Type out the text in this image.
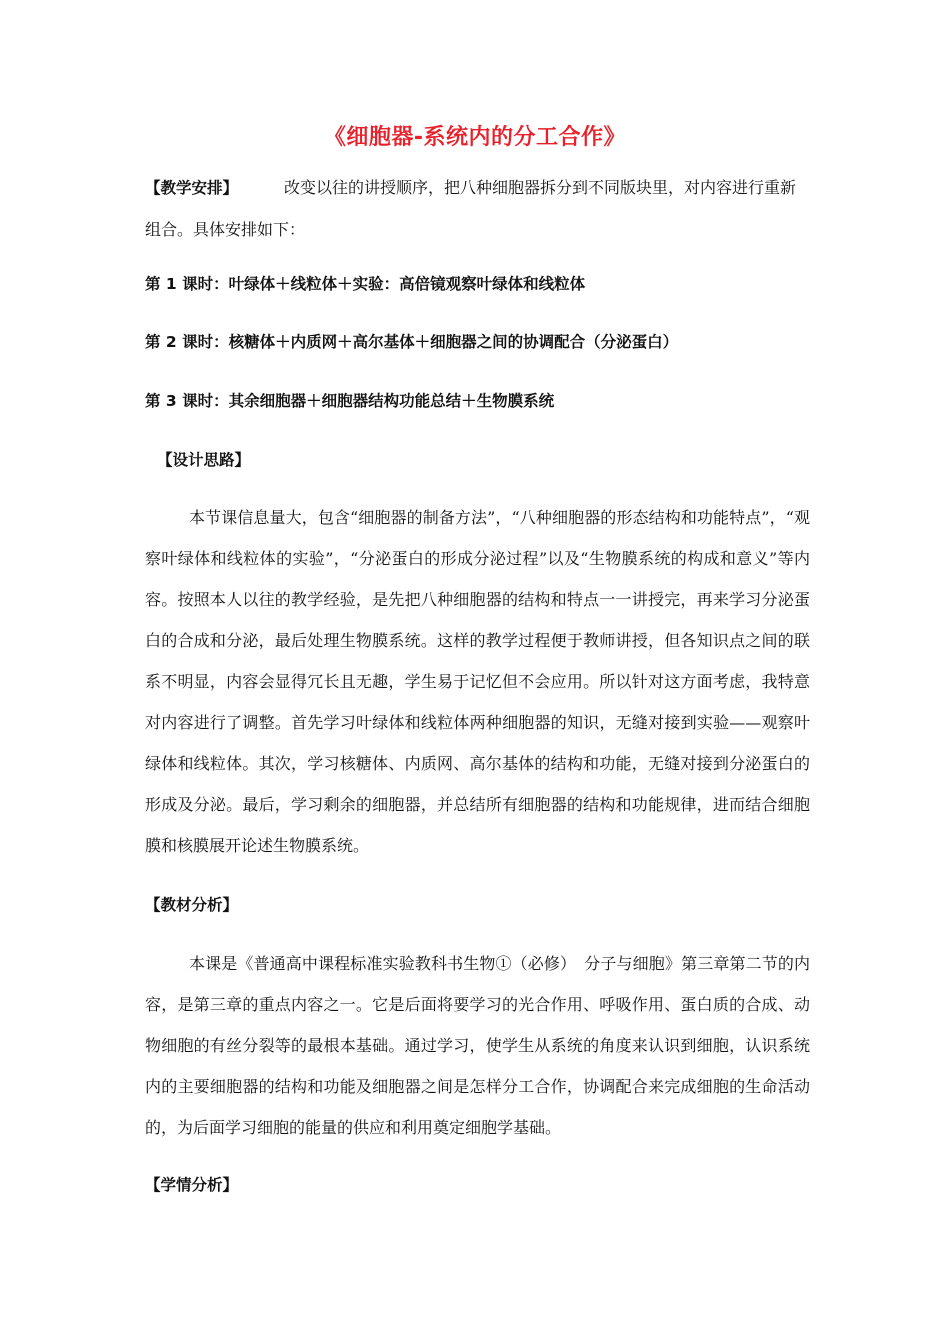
《细胞器-系统内的分工合作》
【教学安排】	改变以往的讲授顺序，把八种细胞器拆分到不同版块里，对内容进行重新组合。具体安排如下：
第 1 课时：叶绿体＋线粒体＋实验：高倍镜观察叶绿体和线粒体
第 2 课时：核糖体＋内质网＋高尔基体＋细胞器之间的协调配合（分泌蛋白）
第 3 课时：其余细胞器＋细胞器结构功能总结＋生物膜系统
【设计思路】
本节课信息量大，包含“细胞器的制备方法”，“八种细胞器的形态结构和功能特点”，“观察叶绿体和线粒体的实验”，“分泌蛋白的形成分泌过程”以及“生物膜系统的构成和意义”等内容。按照本人以往的教学经验，是先把八种细胞器的结构和特点一一讲授完，再来学习分泌蛋白的合成和分泌，最后处理生物膜系统。这样的教学过程便于教师讲授，但各知识点之间的联系不明显，内容会显得冗长且无趣，学生易于记忆但不会应用。所以针对这方面考虑，我特意对内容进行了调整。首先学习叶绿体和线粒体两种细胞器的知识，无缝对接到实验——观察叶绿体和线粒体。其次，学习核糖体、内质网、高尔基体的结构和功能，无缝对接到分泌蛋白的形成及分泌。最后，学习剩余的细胞器，并总结所有细胞器的结构和功能规律，进而结合细胞膜和核膜展开论述生物膜系统。
【教材分析】
本课是《普通高中课程标准实验教科书生物①（必修）　分子与细胞》第三章第二节的内容，是第三章的重点内容之一。它是后面将要学习的光合作用、呼吸作用、蛋白质的合成、动物细胞的有丝分裂等的最根本基础。通过学习，使学生从系统的角度来认识到细胞，认识系统内的主要细胞器的结构和功能及细胞器之间是怎样分工合作，协调配合来完成细胞的生命活动的，为后面学习细胞的能量的供应和利用奠定细胞学基础。
【学情分析】
